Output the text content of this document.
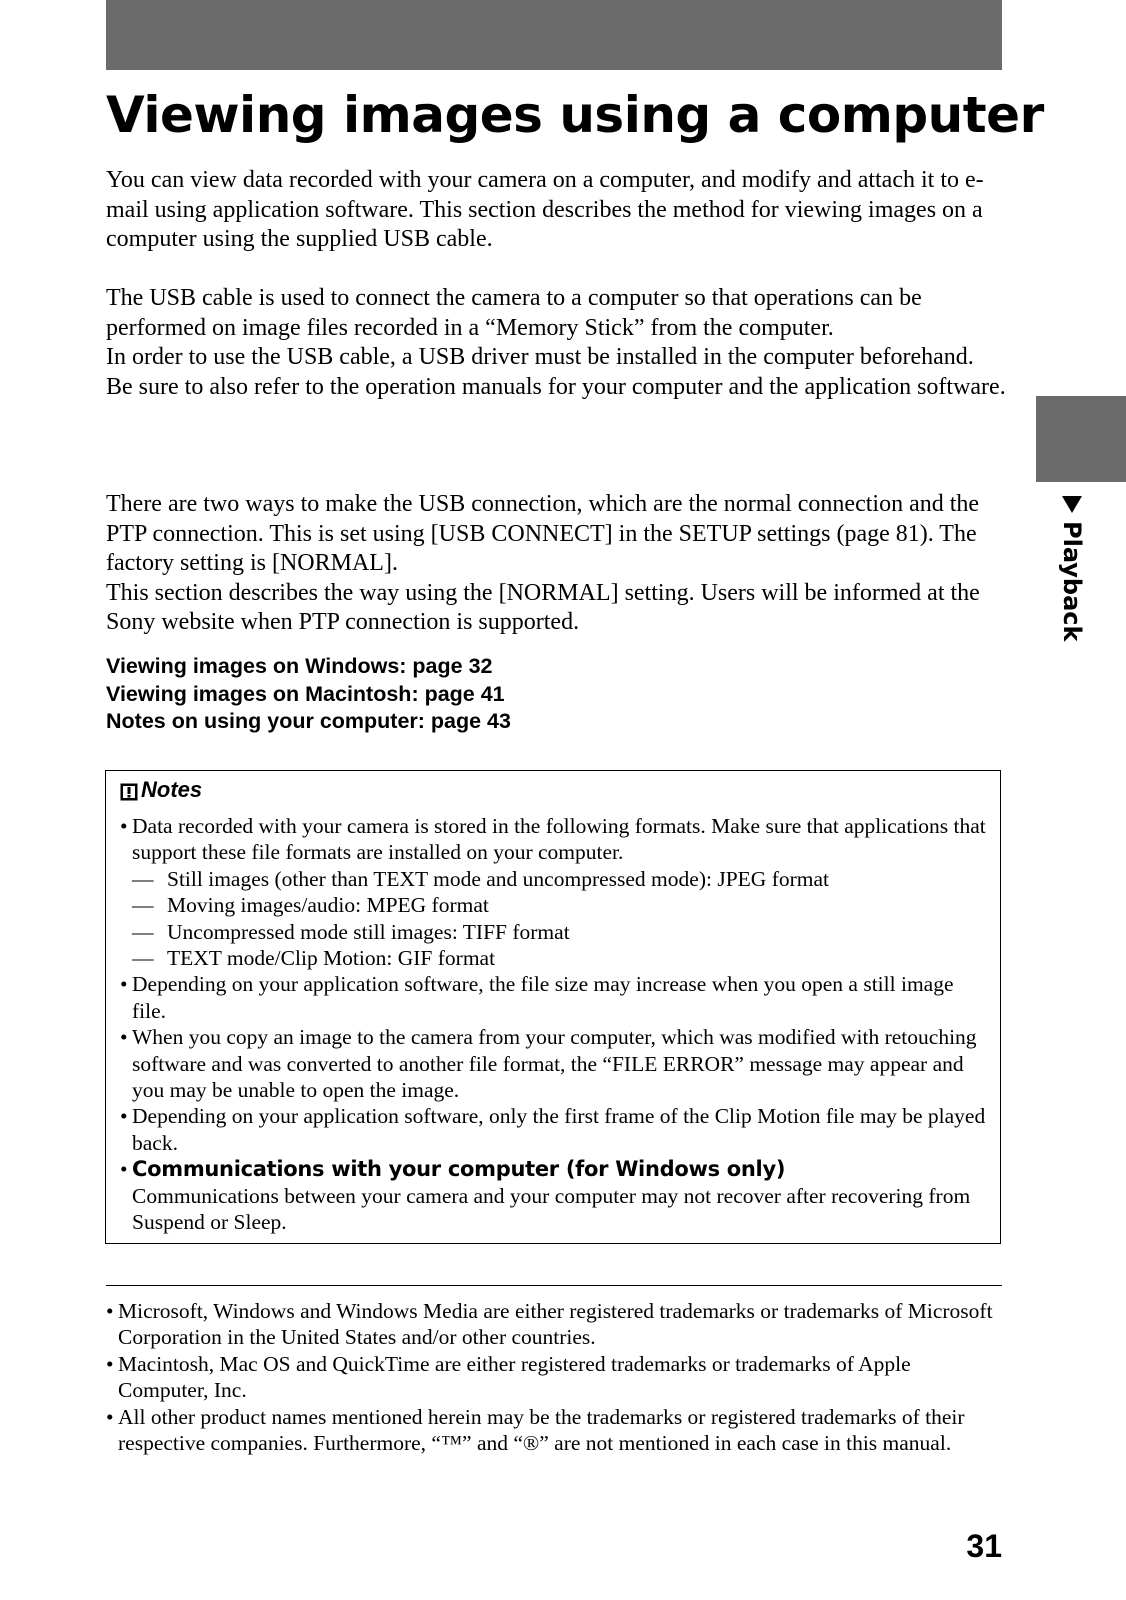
Viewing images using a computer

You can view data recorded with your camera on a computer, and modify and attach it to e-mail using application software. This section describes the method for viewing images on a computer using the supplied USB cable.

The USB cable is used to connect the camera to a computer so that operations can be performed on image files recorded in a “Memory Stick” from the computer.

In order to use the USB cable, a USB driver must be installed in the computer beforehand.

Be sure to also refer to the operation manuals for your computer and the application software.

There are two ways to make the USB connection, which are the normal connection and the PTP connection. This is set using [USB CONNECT] in the SETUP settings (page 81). The factory setting is [NORMAL].

This section describes the way using the [NORMAL] setting. Users will be informed at the Sony website when PTP connection is supported.

Viewing images on Windows: page 32
Viewing images on Macintosh: page 41
Notes on using your computer: page 43
Notes
• Data recorded with your camera is stored in the following formats. Make sure that applications that support these file formats are installed on your computer.
— Still images (other than TEXT mode and uncompressed mode): JPEG format
— Moving images/audio: MPEG format
— Uncompressed mode still images: TIFF format
— TEXT mode/Clip Motion: GIF format
• Depending on your application software, the file size may increase when you open a still image file.
• When you copy an image to the camera from your computer, which was modified with retouching software and was converted to another file format, the “FILE ERROR” message may appear and you may be unable to open the image.
• Depending on your application software, only the first frame of the Clip Motion file may be played back.
• Communications with your computer (for Windows only)
Communications between your camera and your computer may not recover after recovering from Suspend or Sleep.
• Microsoft, Windows and Windows Media are either registered trademarks or trademarks of Microsoft Corporation in the United States and/or other countries.
• Macintosh, Mac OS and QuickTime are either registered trademarks or trademarks of Apple Computer, Inc.
• All other product names mentioned herein may be the trademarks or registered trademarks of their respective companies. Furthermore, “™” and “®” are not mentioned in each case in this manual.
Playback
31
